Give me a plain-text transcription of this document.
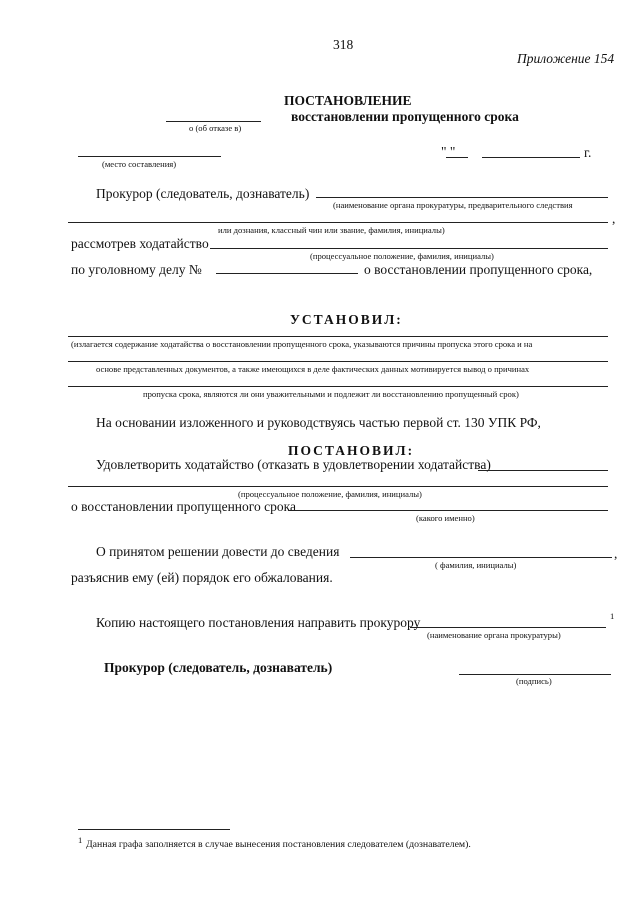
318
Приложение 154
ПОСТАНОВЛЕНИЕ
восстановлении пропущенного срока
о (об отказе в)
(место составления)
" "	г.
Прокурор (следователь, дознаватель)
(наименование органа прокуратуры, предварительного следствия
,
или дознания, классный чин или звание, фамилия, инициалы)
рассмотрев ходатайство
(процессуальное положение, фамилия, инициалы)
по уголовному делу №	о восстановлении пропущенного срока,
УСТАНОВИЛ:
(излагается содержание ходатайства о восстановлении пропущенного срока, указываются причины пропуска этого срока и на
основе представленных документов, а также имеющихся в деле фактических данных мотивируется вывод о причинах
пропуска срока, являются ли они уважительными и подлежит ли восстановлению пропущенный срок)
На основании изложенного и руководствуясь частью первой ст. 130 УПК РФ,
ПОСТАНОВИЛ:
Удовлетворить ходатайство (отказать в удовлетворении ходатайства)
(процессуальное положение, фамилия, инициалы)
о восстановлении пропущенного срока
(какого именно)
О принятом решении довести до сведения	,
( фамилия, инициалы)
разъяснив ему (ей) порядок его обжалования.
Копию настоящего постановления направить прокурору	1
(наименование органа прокуратуры)
Прокурор (следователь, дознаватель)
(подпись)
1 Данная графа заполняется в случае вынесения постановления следователем (дознавателем).
